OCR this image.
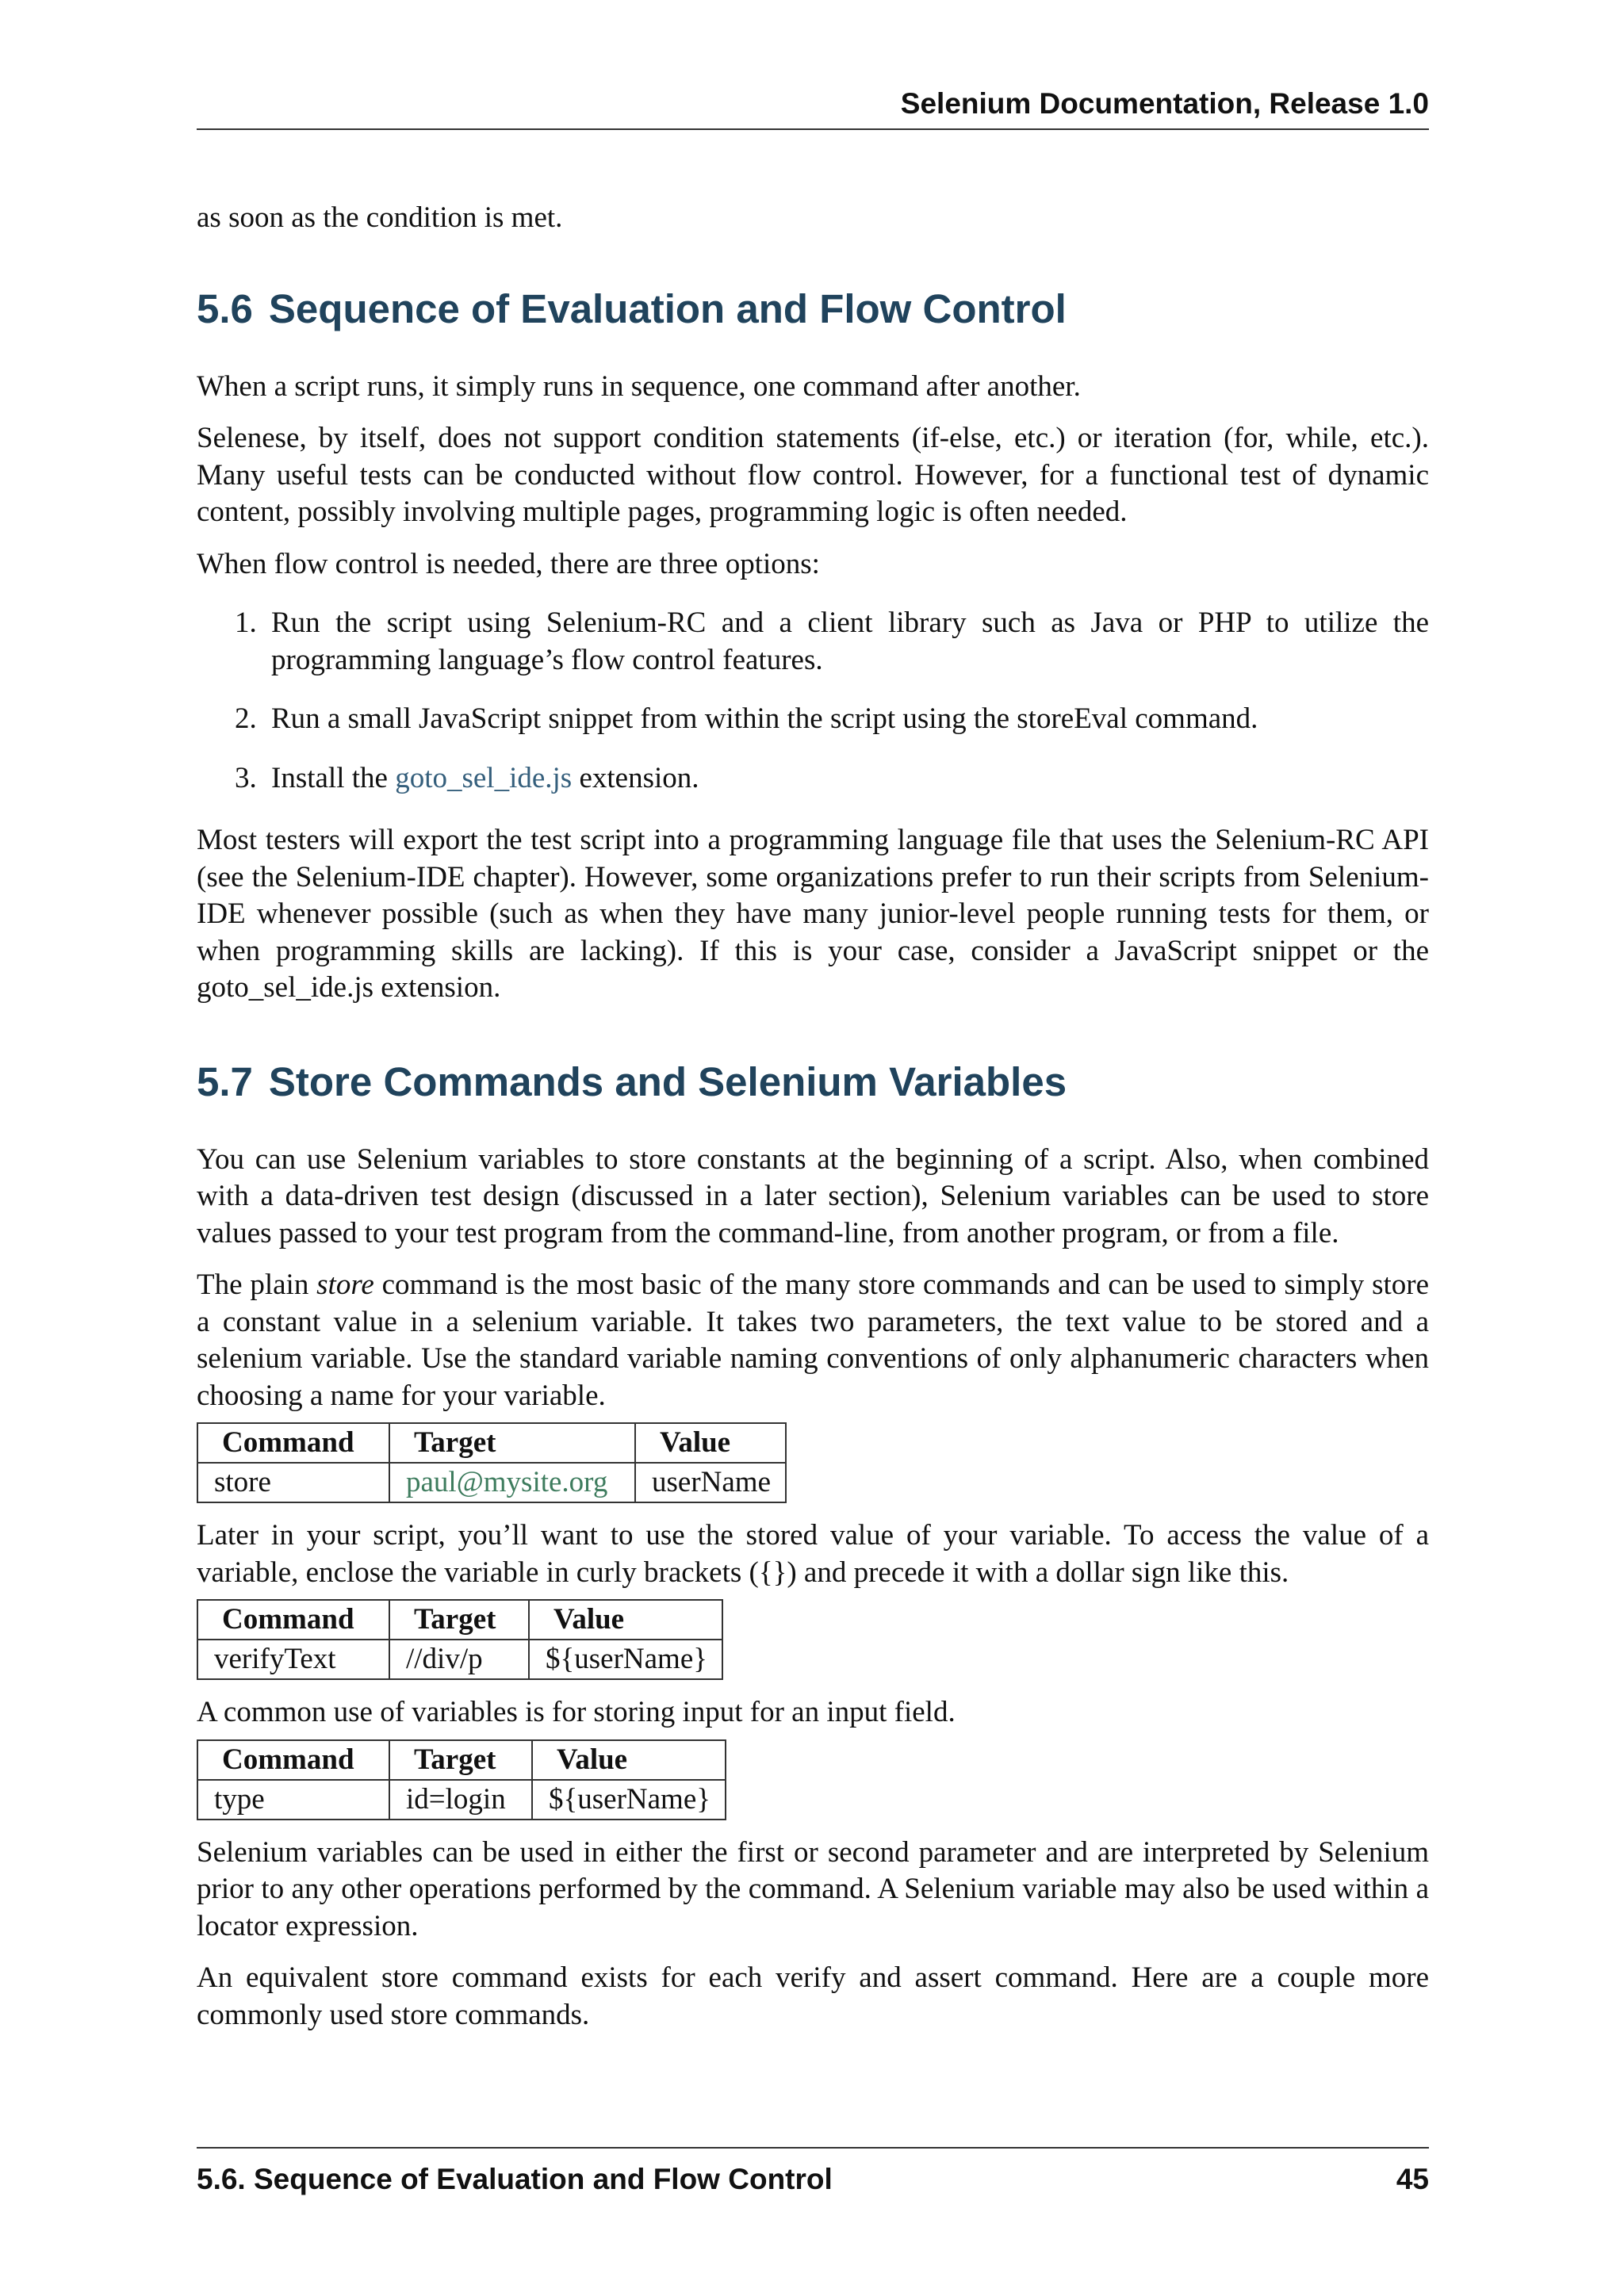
Selenium Documentation, Release 1.0

as soon as the condition is met.

5.6 Sequence of Evaluation and Flow Control

When a script runs, it simply runs in sequence, one command after another.

Selenese, by itself, does not support condition statements (if-else, etc.) or iteration (for, while, etc.). Many useful tests can be conducted without flow control. However, for a functional test of dynamic content, possibly involving multiple pages, programming logic is often needed.

When flow control is needed, there are three options:

1. Run the script using Selenium-RC and a client library such as Java or PHP to utilize the programming language’s flow control features.
2. Run a small JavaScript snippet from within the script using the storeEval command.
3. Install the goto_sel_ide.js extension.

Most testers will export the test script into a programming language file that uses the Selenium-RC API (see the Selenium-IDE chapter). However, some organizations prefer to run their scripts from Selenium-IDE whenever possible (such as when they have many junior-level people running tests for them, or when programming skills are lacking). If this is your case, consider a JavaScript snippet or the goto_sel_ide.js extension.

5.7 Store Commands and Selenium Variables

You can use Selenium variables to store constants at the beginning of a script. Also, when combined with a data-driven test design (discussed in a later section), Selenium variables can be used to store values passed to your test program from the command-line, from another program, or from a file.

The plain store command is the most basic of the many store commands and can be used to simply store a constant value in a selenium variable. It takes two parameters, the text value to be stored and a selenium variable. Use the standard variable naming conventions of only alphanumeric characters when choosing a name for your variable.

Command	Target	Value
store	paul@mysite.org	userName

Later in your script, you’ll want to use the stored value of your variable. To access the value of a variable, enclose the variable in curly brackets ({}) and precede it with a dollar sign like this.

Command	Target	Value
verifyText	//div/p	${userName}

A common use of variables is for storing input for an input field.

Command	Target	Value
type	id=login	${userName}

Selenium variables can be used in either the first or second parameter and are interpreted by Selenium prior to any other operations performed by the command. A Selenium variable may also be used within a locator expression.

An equivalent store command exists for each verify and assert command. Here are a couple more commonly used store commands.

5.6. Sequence of Evaluation and Flow Control	45
